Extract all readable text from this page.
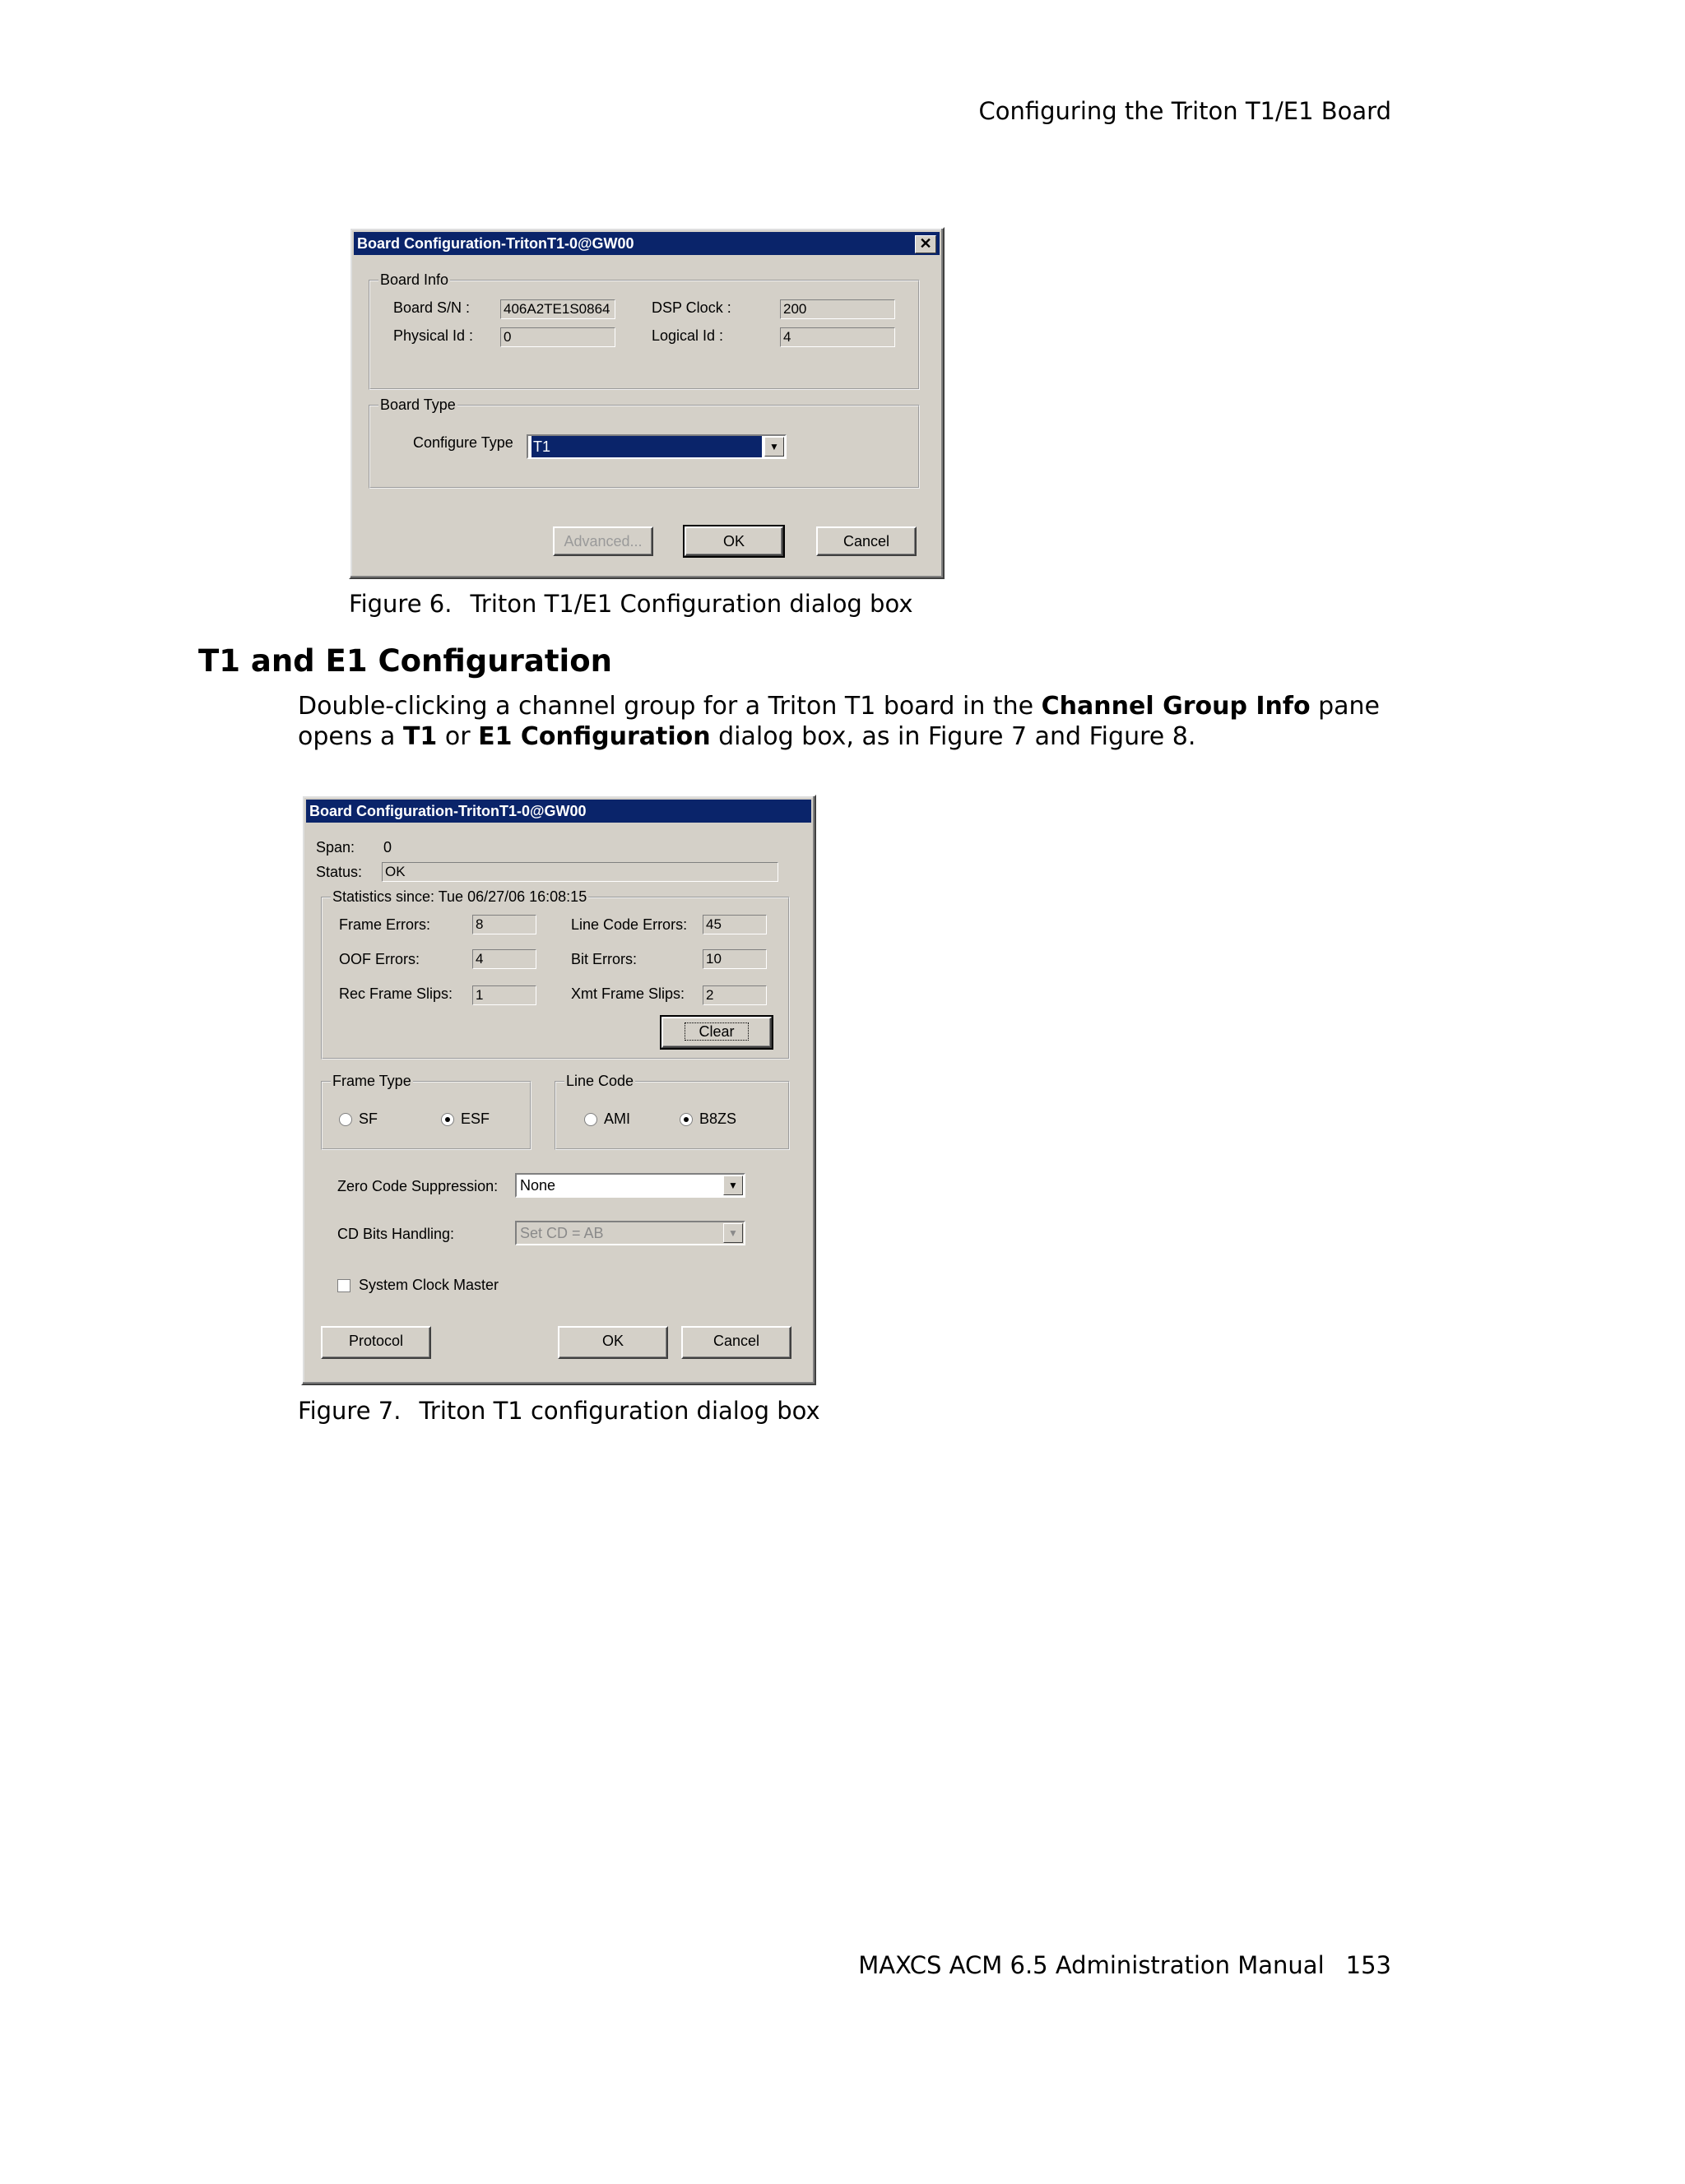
Configuring the Triton T1/E1 Board
Board Configuration-TritonT1-0@GW00	✕
Board Info
Board S/N : 406A2TE1S0864	DSP Clock :	200
Physical Id : 0	Logical Id :	4
Board Type
Configure Type T1	▼
Advanced...	OK	Cancel
Figure 6. Triton T1/E1 Configuration dialog box
T1 and E1 Configuration

Double-clicking a channel group for a Triton T1 board in the Channel Group Info pane opens a T1 or E1 Configuration dialog box, as in Figure 7 and Figure 8.

Board Configuration-TritonT1-0@GW00
Span: 0
Status: OK
Statistics since: Tue 06/27/06 16:08:15
Frame Errors:	8	Line Code Errors: 45
OOF Errors:	4	Bit Errors:	10
Rec Frame Slips: 1	Xmt Frame Slips: 2
Clear
Frame Type
SF	ESF
Line Code
AMI	B8ZS
Zero Code Suppression:	None	▼
CD Bits Handling:	Set CD = AB	▼
System Clock Master
Protocol	OK	Cancel
Figure 7. Triton T1 configuration dialog box
MAXCS ACM 6.5 Administration Manual 153
